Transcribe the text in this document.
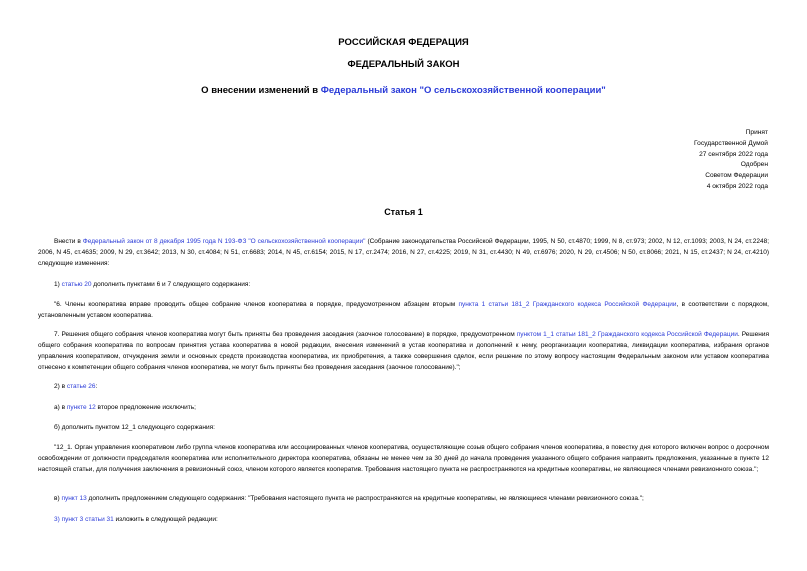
РОССИЙСКАЯ ФЕДЕРАЦИЯ
ФЕДЕРАЛЬНЫЙ ЗАКОН
О внесении изменений в Федеральный закон "О сельскохозяйственной кооперации"
Принят
Государственной Думой
27 сентября 2022 года
Одобрен
Советом Федерации
4 октября 2022 года
Статья 1
Внести в Федеральный закон от 8 декабря 1995 года N 193-ФЗ "О сельскохозяйственной кооперации" (Собрание законодательства Российской Федерации, 1995, N 50, ст.4870; 1999, N 8, ст.973; 2002, N 12, ст.1093; 2003, N 24, ст.2248; 2006, N 45, ст.4635; 2009, N 29, ст.3642; 2013, N 30, ст.4084; N 51, ст.6683; 2014, N 45, ст.6154; 2015, N 17, ст.2474; 2016, N 27, ст.4225; 2019, N 31, ст.4430; N 49, ст.6976; 2020, N 29, ст.4506; N 50, ст.8066; 2021, N 15, ст.2437; N 24, ст.4210) следующие изменения:
1) статью 20 дополнить пунктами 6 и 7 следующего содержания:
"6. Члены кооператива вправе проводить общее собрание членов кооператива в порядке, предусмотренном абзацем вторым пункта 1 статьи 181_2 Гражданского кодекса Российской Федерации, в соответствии с порядком, установленным уставом кооператива.
7. Решения общего собрания членов кооператива могут быть приняты без проведения заседания (заочное голосование) в порядке, предусмотренном пунктом 1_1 статьи 181_2 Гражданского кодекса Российской Федерации. Решения общего собрания кооператива по вопросам принятия устава кооператива в новой редакции, внесения изменений в устав кооператива и дополнений к нему, реорганизации кооператива, ликвидации кооператива, избрания органов управления кооперативом, отчуждения земли и основных средств производства кооператива, их приобретения, а также совершения сделок, если решение по этому вопросу настоящим Федеральным законом или уставом кооператива отнесено к компетенции общего собрания членов кооператива, не могут быть приняты без проведения заседания (заочное голосование).";
2) в статье 26:
а) в пункте 12 второе предложение исключить;
б) дополнить пунктом 12_1 следующего содержания:
"12_1. Орган управления кооперативом либо группа членов кооператива или ассоциированных членов кооператива, осуществляющие созыв общего собрания членов кооператива, в повестку дня которого включен вопрос о досрочном освобождении от должности председателя кооператива или исполнительного директора кооператива, обязаны не менее чем за 30 дней до начала проведения указанного общего собрания направить предложения, указанные в пункте 12 настоящей статьи, для получения заключения в ревизионный союз, членом которого является кооператив. Требования настоящего пункта не распространяются на кредитные кооперативы, не являющиеся членами ревизионного союза.";
в) пункт 13 дополнить предложением следующего содержания: "Требования настоящего пункта не распространяются на кредитные кооперативы, не являющиеся членами ревизионного союза.";
3) пункт 3 статьи 31 изложить в следующей редакции:
